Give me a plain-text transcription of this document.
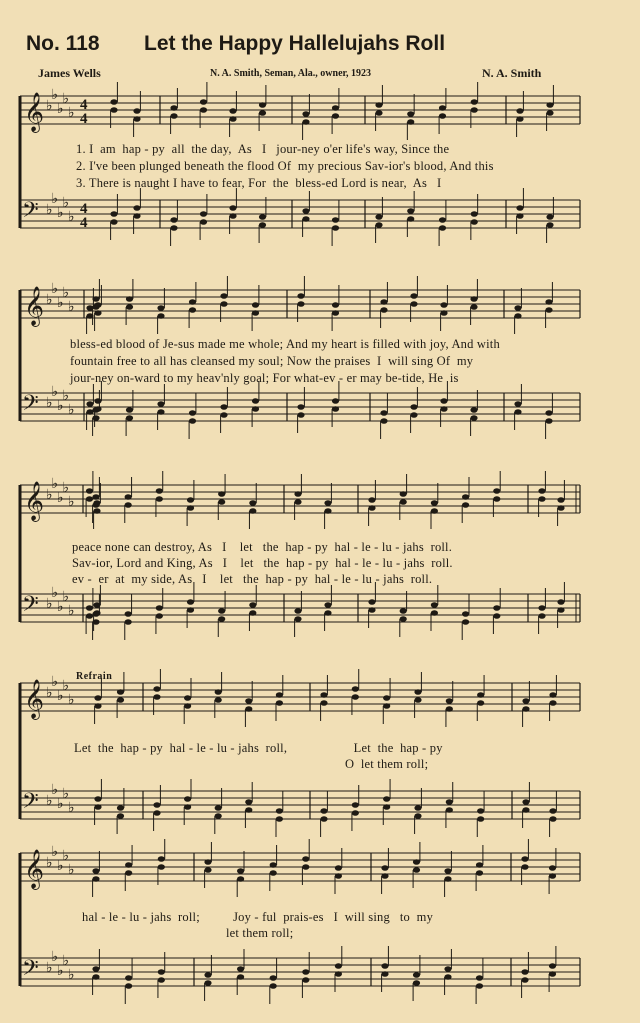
No. 118 Let the Happy Hallelujahs Roll
James Wells	N. A. Smith, Seman, Ala., owner, 1923	N. A. Smith
𝄞
𝄢
♭
♭
♭
♭
♭
♭
♭
♭
♭
♭
4
4
4
4
𝄞
𝄢
♭
♭
♭
♭
♭
♭
♭
♭
♭
♭
𝄞
𝄢
♭
♭
♭
♭
♭
♭
♭
♭
♭
♭
𝄞
𝄢
♭
♭
♭
♭
♭
♭
♭
♭
♭
♭
𝄞
𝄢
♭
♭
♭
♭
♭
♭
♭
♭
♭
♭
1. I  am  hap - py  all  the day,  As   I   jour-ney o'er life's way, Since the
2. I've been plunged beneath the flood Of  my precious Sav-ior's blood, And this
3. There is naught I have to fear, For  the  bless-ed Lord is near,  As   I
bless-ed blood of Je-sus made me whole; And my heart is filled with joy, And with
fountain free to all has cleansed my soul; Now the praises  I  will sing Of  my
jour-ney on-ward to my heav'nly goal; For what-ev - er may be-tide, He  is
peace none can destroy, As   I    let   the  hap - py  hal - le - lu - jahs  roll.
Sav-ior, Lord and King, As   I    let   the  hap - py  hal - le - lu - jahs  roll.
ev -  er  at  my side, As   I    let   the  hap - py  hal - le - lu - jahs  roll.
Refrain
Let  the  hap - py  hal - le - lu - jahs  roll,                    Let  the  hap - py
O  let them roll;
hal - le - lu - jahs  roll;          Joy - ful  prais-es   I  will sing   to  my
let them roll;
